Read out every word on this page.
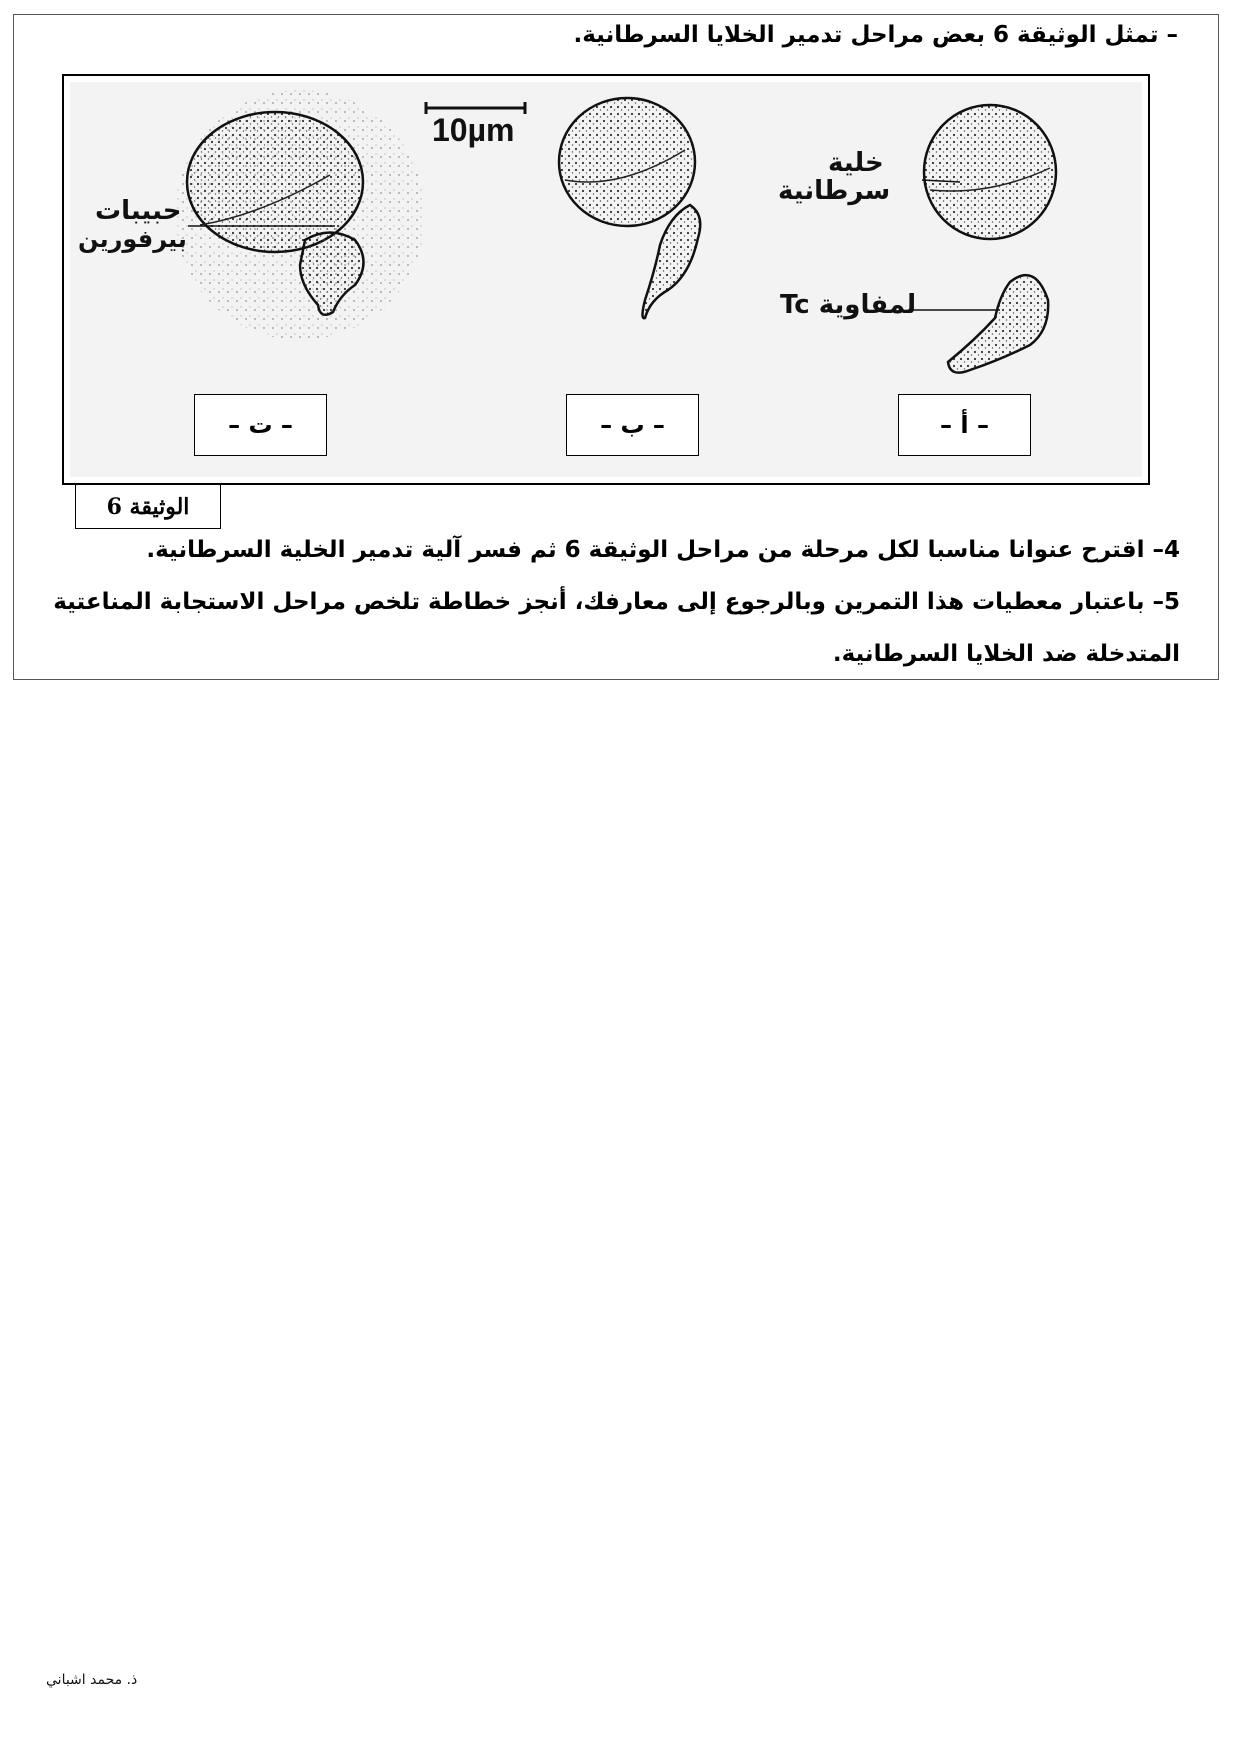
– تمثل الوثيقة 6 بعض مراحل تدمير الخلايا السرطانية.
10µm
خلية
سرطانية
لمفاوية Tc
حبيبات
بيرفورين
– أ –
– ب –
– ت –
الوثيقة 6
4– اقترح عنوانا مناسبا لكل مرحلة من مراحل الوثيقة 6 ثم فسر آلية تدمير الخلية السرطانية.
5– باعتبار معطيات هذا التمرين وبالرجوع إلى معارفك، أنجز خطاطة تلخص مراحل الاستجابة المناعتية
المتدخلة ضد الخلايا السرطانية.
ذ. محمد اشباني
